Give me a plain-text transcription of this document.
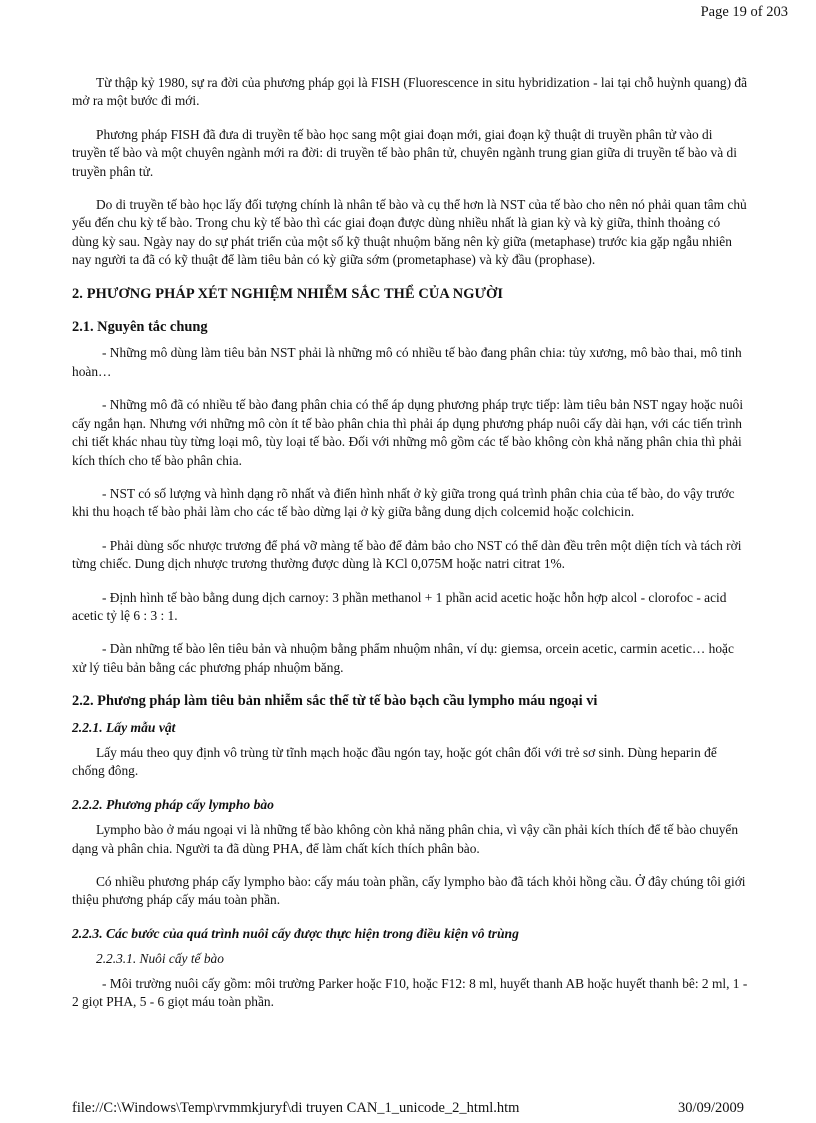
Page 19 of 203

Từ thập kỷ 1980, sự ra đời của phương pháp gọi là FISH (Fluorescence in situ hybridization - lai tại chỗ huỳnh quang) đã mở ra một bước đi mới.

Phương pháp FISH đã đưa di truyền tế bào học sang một giai đoạn mới, giai đoạn kỹ thuật di truyền phân tử vào di truyền tế bào và một chuyên ngành mới ra đời: di truyền tế bào phân tử, chuyên ngành trung gian giữa di truyền tế bào và di truyền phân tử.

Do di truyền tế bào học lấy đối tượng chính là nhân tế bào và cụ thể hơn là NST của tế bào cho nên nó phải quan tâm chủ yếu đến chu kỳ tế bào. Trong chu kỳ tế bào thì các giai đoạn được dùng nhiều nhất là gian kỳ và kỳ giữa, thỉnh thoảng có dùng kỳ sau. Ngày nay do sự phát triển của một số kỹ thuật nhuộm băng nên kỳ giữa (metaphase) trước kia gặp ngẫu nhiên nay người ta đã có kỹ thuật để làm tiêu bản có kỳ giữa sớm (prometaphase) và kỳ đầu (prophase).

2. PHƯƠNG PHÁP XÉT NGHIỆM NHIỄM SẮC THỂ CỦA NGƯỜI
2.1. Nguyên tắc chung

- Những mô dùng làm tiêu bản NST phải là những mô có nhiều tế bào đang phân chia: tủy xương, mô bào thai, mô tinh hoàn…

- Những mô đã có nhiều tế bào đang phân chia có thể áp dụng phương pháp trực tiếp: làm tiêu bản NST ngay hoặc nuôi cấy ngắn hạn. Nhưng với những mô còn ít tế bào phân chia thì phải áp dụng phương pháp nuôi cấy dài hạn, với các tiến trình chi tiết khác nhau tùy từng loại mô, tùy loại tế bào. Đối với những mô gồm các tế bào không còn khả năng phân chia thì phải kích thích cho tế bào phân chia.

- NST có số lượng và hình dạng rõ nhất và điển hình nhất ở kỳ giữa trong quá trình phân chia của tế bào, do vậy trước khi thu hoạch tế bào phải làm cho các tế bào dừng lại ở kỳ giữa bằng dung dịch colcemid hoặc colchicin.

- Phải dùng sốc nhược trương để phá vỡ màng tế bào để đảm bảo cho NST có thể dàn đều trên một diện tích và tách rời từng chiếc. Dung dịch nhược trương thường được dùng là KCl 0,075M hoặc natri citrat 1%.

- Định hình tế bào bằng dung dịch carnoy: 3 phần methanol + 1 phần acid acetic hoặc hỗn hợp alcol - clorofoc - acid acetic tỷ lệ 6 : 3 : 1.

- Dàn những tế bào lên tiêu bản và nhuộm bằng phẩm nhuộm nhân, ví dụ: giemsa, orcein acetic, carmin acetic… hoặc xử lý tiêu bản bằng các phương pháp nhuộm băng.

2.2. Phương pháp làm tiêu bản nhiễm sắc thể từ tế bào bạch cầu lympho máu ngoại vi
2.2.1. Lấy mẫu vật

Lấy máu theo quy định vô trùng từ tĩnh mạch hoặc đầu ngón tay, hoặc gót chân đối với trẻ sơ sinh. Dùng heparin để chống đông.

2.2.2. Phương pháp cấy lympho bào

Lympho bào ở máu ngoại vi là những tế bào không còn khả năng phân chia, vì vậy cần phải kích thích để tế bào chuyển dạng và phân chia. Người ta đã dùng PHA, để làm chất kích thích phân bào.

Có nhiều phương pháp cấy lympho bào: cấy máu toàn phần, cấy lympho bào đã tách khỏi hồng cầu. Ở đây chúng tôi giới thiệu phương pháp cấy máu toàn phần.

2.2.3. Các bước của quá trình nuôi cấy được thực hiện trong điều kiện vô trùng
2.2.3.1. Nuôi cấy tế bào

- Môi trường nuôi cấy gồm: môi trường Parker hoặc F10, hoặc F12: 8 ml, huyết thanh AB hoặc huyết thanh bê: 2 ml, 1 - 2 giọt PHA, 5 - 6 giọt máu toàn phần.

file://C:\Windows\Temp\rvmmkjuryf\di truyen CAN_1_unicode_2_html.htm	30/09/2009
